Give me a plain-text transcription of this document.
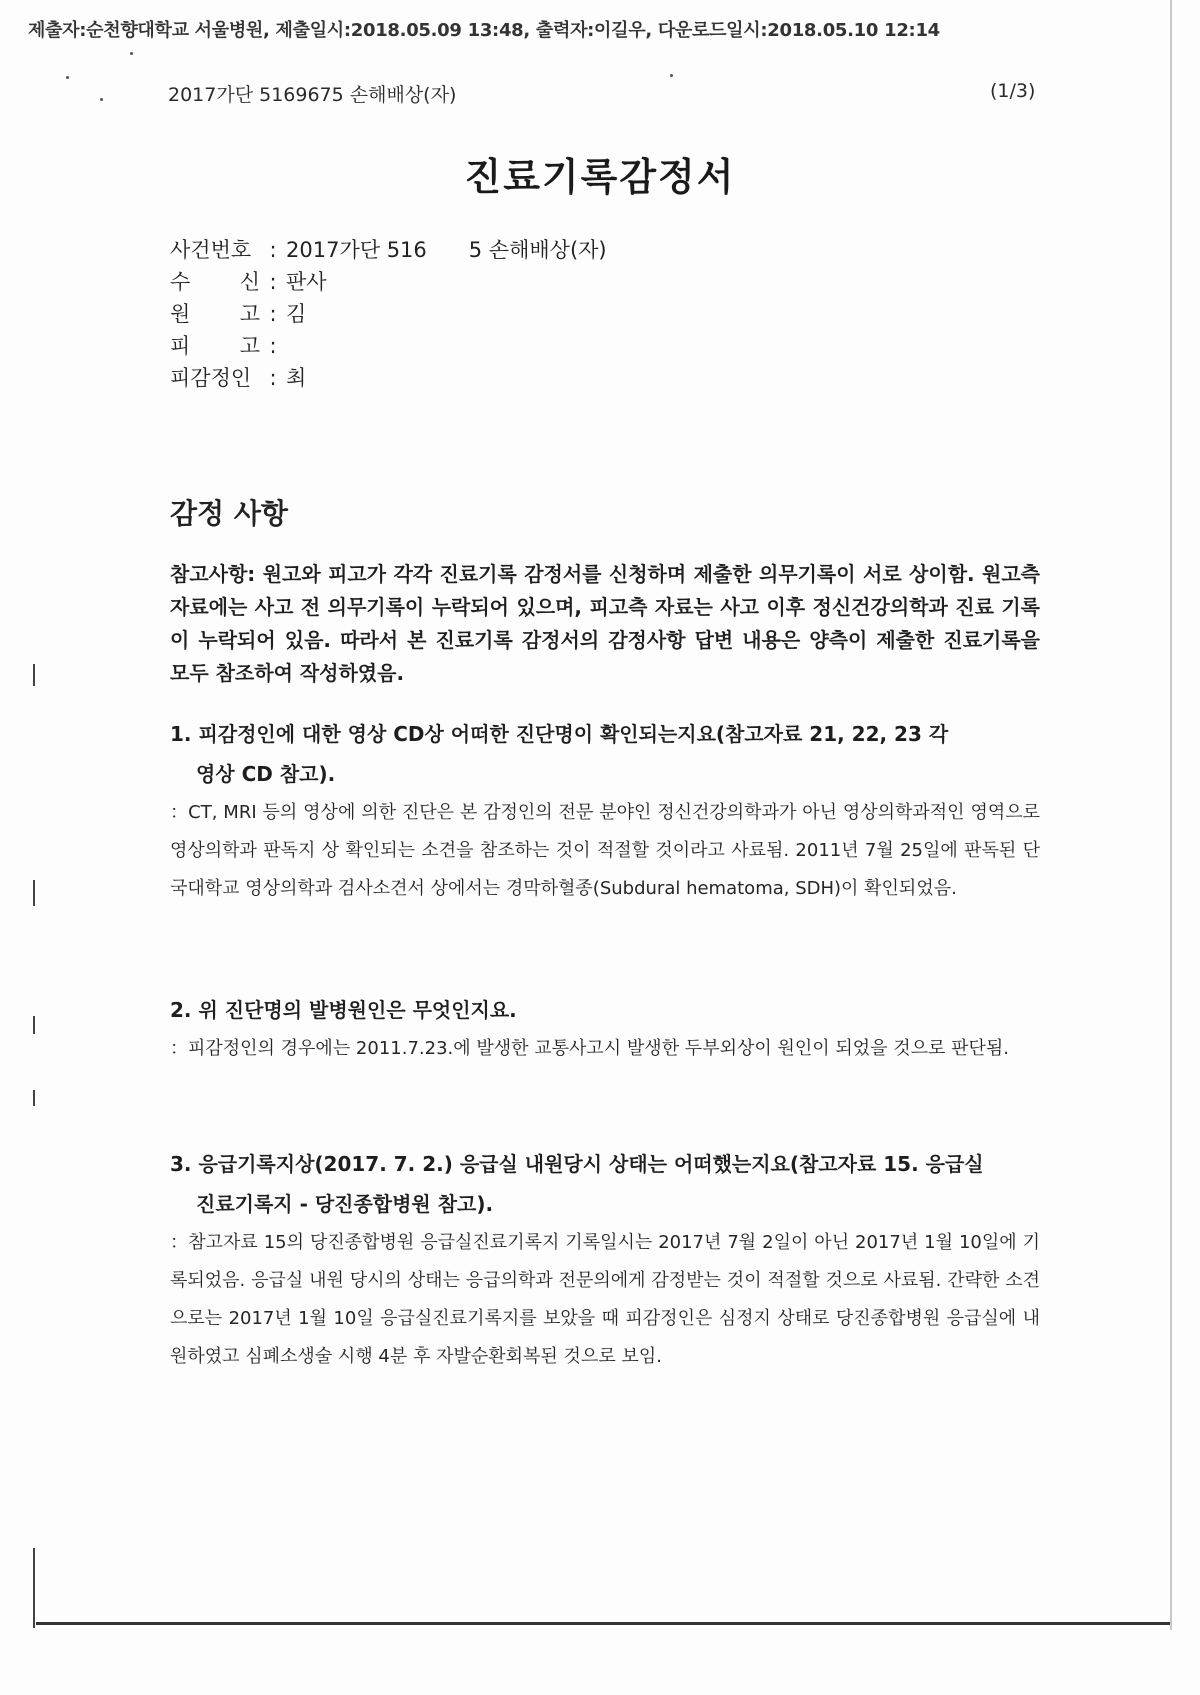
제출자:순천향대학교 서울병원, 제출일시:2018.05.09 13:48, 출력자:이길우, 다운로드일시:2018.05.10 12:14
2017가단 5169675 손해배상(자)	(1/3)
진료기록감정서
사건번호 : 2017가단 516　　5 손해배상(자)
수 신 : 판사
원 고 : 김
피 고 :
피감정인 : 최
감정 사항
참고사항: 원고와 피고가 각각 진료기록 감정서를 신청하며 제출한 의무기록이 서로 상이함. 원고측 자료에는 사고 전 의무기록이 누락되어 있으며, 피고측 자료는 사고 이후 정신건강의학과 진료 기록이 누락되어 있음. 따라서 본 진료기록 감정서의 감정사항 답변 내용은 양측이 제출한 진료기록을 모두 참조하여 작성하였음.
1. 피감정인에 대한 영상 CD상 어떠한 진단명이 확인되는지요(참고자료 21, 22, 23 각
영상 CD 참고).
：CT, MRI 등의 영상에 의한 진단은 본 감정인의 전문 분야인 정신건강의학과가 아닌 영상의학과적인 영역으로 영상의학과 판독지 상 확인되는 소견을 참조하는 것이 적절할 것이라고 사료됨. 2011년 7월 25일에 판독된 단국대학교 영상의학과 검사소견서 상에서는 경막하혈종(Subdural hematoma, SDH)이 확인되었음.
2. 위 진단명의 발병원인은 무엇인지요.
：피감정인의 경우에는 2011.7.23.에 발생한 교통사고시 발생한 두부외상이 원인이 되었을 것으로 판단됨.
3. 응급기록지상(2017. 7. 2.) 응급실 내원당시 상태는 어떠했는지요(참고자료 15. 응급실
진료기록지 - 당진종합병원 참고).
：참고자료 15의 당진종합병원 응급실진료기록지 기록일시는 2017년 7월 2일이 아닌 2017년 1월 10일에 기록되었음. 응급실 내원 당시의 상태는 응급의학과 전문의에게 감정받는 것이 적절할 것으로 사료됨. 간략한 소견으로는 2017년 1월 10일 응급실진료기록지를 보았을 때 피감정인은 심정지 상태로 당진종합병원 응급실에 내원하였고 심폐소생술 시행 4분 후 자발순환회복된 것으로 보임.
